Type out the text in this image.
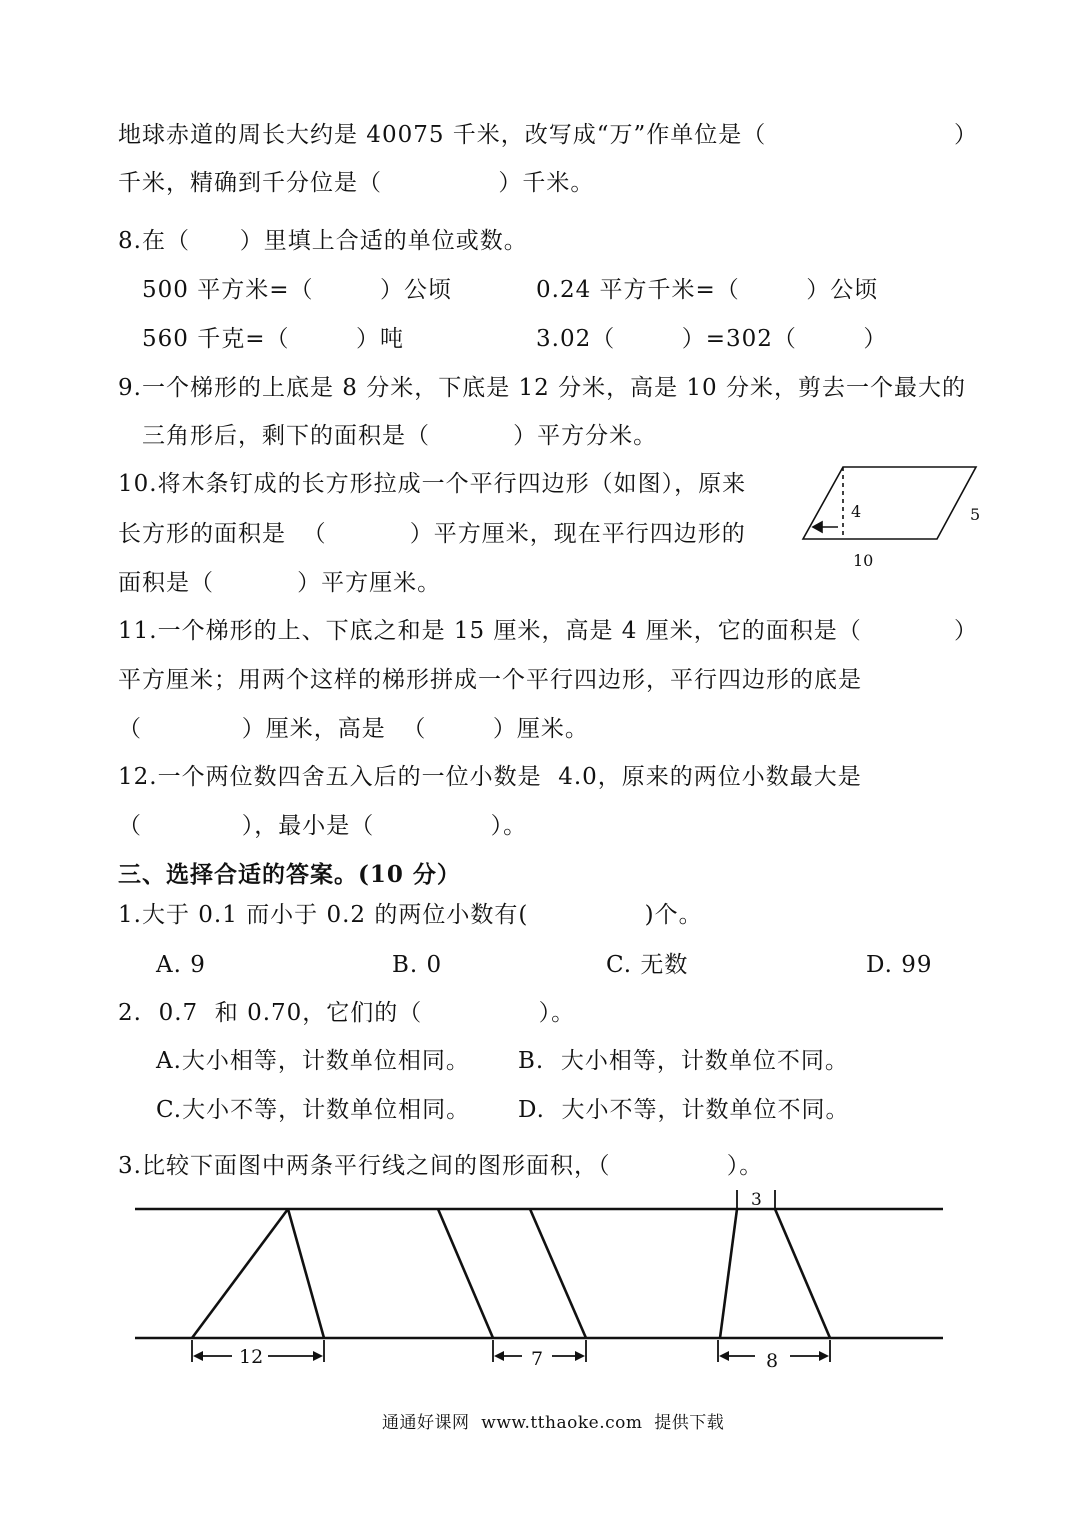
地球赤道的周长大约是 40075 千米，改写成“万”作单位是（	）
千米，精确到千分位是（              ）千米。
8.在（      ）里填上合适的单位或数。
500 平方米=（        ）公顷	0.24 平方千米=（        ）公顷
560 千克=（        ）吨	3.02（        ）=302（        ）
9.一个梯形的上底是 8 分米，下底是 12 分米，高是 10 分米，剪去一个最大的
三角形后，剩下的面积是（          ）平方分米。
10.将木条钉成的长方形拉成一个平行四边形（如图），原来
长方形的面积是  （          ）平方厘米，现在平行四边形的
面积是（          ）平方厘米。
11.一个梯形的上、下底之和是 15 厘米，高是 4 厘米，它的面积是（	）
平方厘米；用两个这样的梯形拼成一个平行四边形，平行四边形的底是
（            ）厘米，高是  （        ）厘米。
12.一个两位数四舍五入后的一位小数是  4.0，原来的两位小数最大是
（            ），最小是（              ）。
三、选择合适的答案。(10 分）
1.大于 0.1 而小于 0.2 的两位小数有(              )个。
A. 9	B. 0	C. 无数	D. 99
2.  0.7  和 0.70，它们的（              ）。
A.大小相等，计数单位相同。 B.  大小相等，计数单位不同。
C.大小不等，计数单位相同。 D.  大小不等，计数单位不同。
3.比较下面图中两条平行线之间的图形面积，（              ）。
4	5
10
12	7
3
8
通通好课网  www.tthaoke.com  提供下载
